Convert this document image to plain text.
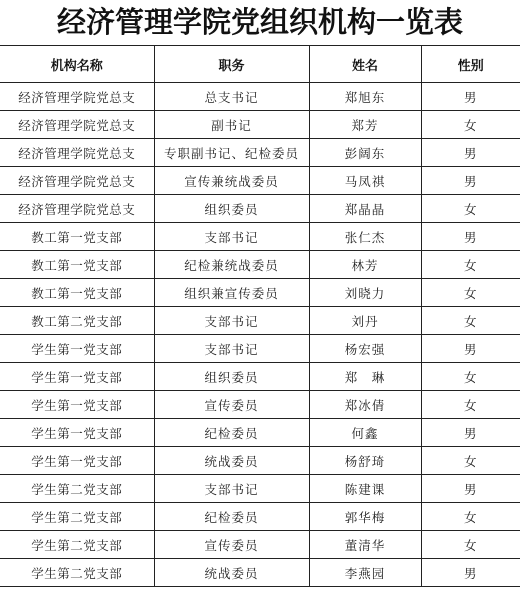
经济管理学院党组织机构一览表
机构名称	职务	姓名	性别
经济管理学院党总支	总支书记	郑旭东	男
经济管理学院党总支	副书记	郑芳	女
经济管理学院党总支	专职副书记、纪检委员	彭阔东	男
经济管理学院党总支	宣传兼统战委员	马凤祺	男
经济管理学院党总支	组织委员	郑晶晶	女
教工第一党支部	支部书记	张仁杰	男
教工第一党支部	纪检兼统战委员	林芳	女
教工第一党支部	组织兼宣传委员	刘晓力	女
教工第二党支部	支部书记	刘丹	女
学生第一党支部	支部书记	杨宏强	男
学生第一党支部	组织委员	郑　琳	女
学生第一党支部	宣传委员	郑冰倩	女
学生第一党支部	纪检委员	何鑫	男
学生第一党支部	统战委员	杨舒琦	女
学生第二党支部	支部书记	陈建课	男
学生第二党支部	纪检委员	郭华梅	女
学生第二党支部	宣传委员	董清华	女
学生第二党支部	统战委员	李燕园	男
